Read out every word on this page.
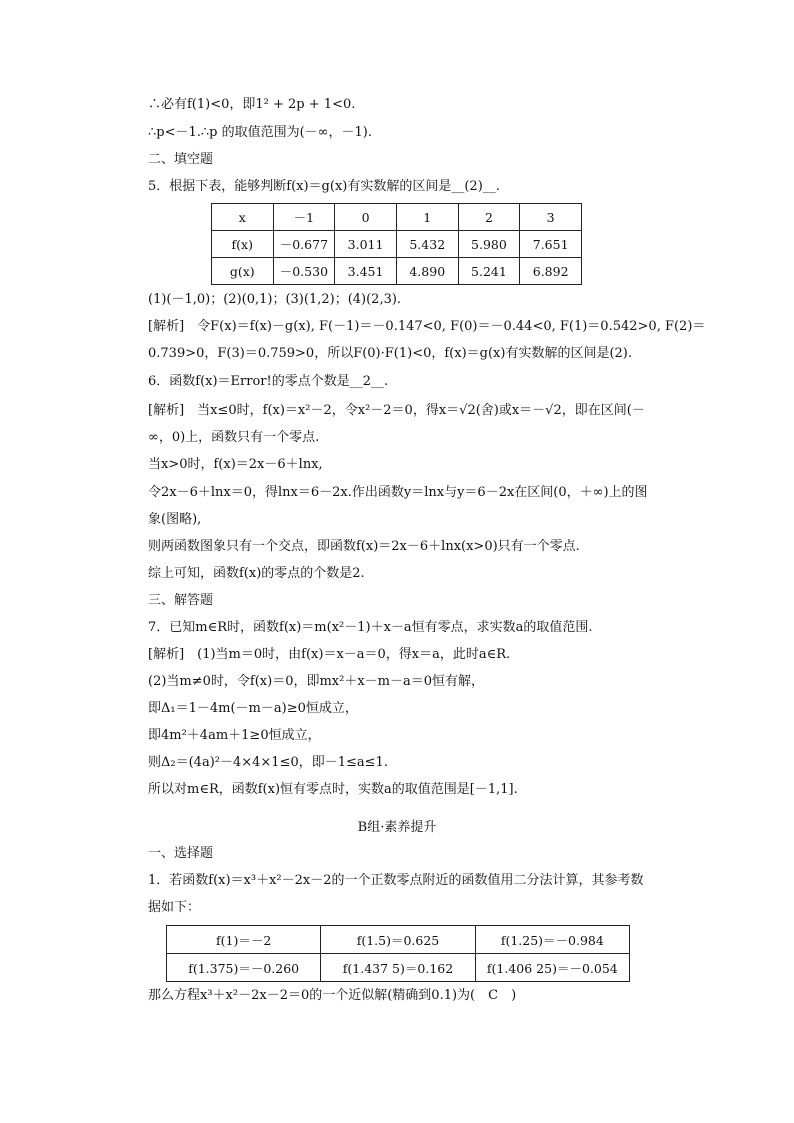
∴必有f(1)<0，即1² + 2p + 1<0.
∴p<－1.∴p 的取值范围为(－∞，－1).
二、填空题
5．根据下表，能够判断f(x)＝g(x)有实数解的区间是__(2)__.
x	－1	0	1	2	3
f(x)	－0.677	3.011	5.432	5.980	7.651
g(x)	－0.530	3.451	4.890	5.241	6.892
(1)(－1,0)；(2)(0,1)；(3)(1,2)；(4)(2,3).
[解析]　令F(x)＝f(x)－g(x), F(－1)＝－0.147<0, F(0)＝－0.44<0, F(1)＝0.542>0, F(2)＝
0.739>0，F(3)＝0.759>0，所以F(0)·F(1)<0，f(x)＝g(x)有实数解的区间是(2).
6．函数f(x)＝Error!的零点个数是__2__.
[解析]　当x≤0时，f(x)＝x²－2，令x²－2＝0，得x＝√2(舍)或x＝－√2，即在区间(－
∞，0)上，函数只有一个零点.
当x>0时，f(x)＝2x－6＋lnx,
令2x－6＋lnx＝0，得lnx＝6－2x.作出函数y＝lnx与y＝6－2x在区间(0，＋∞)上的图
象(图略),
则两函数图象只有一个交点，即函数f(x)＝2x－6＋lnx(x>0)只有一个零点.
综上可知，函数f(x)的零点的个数是2.
三、解答题
7．已知m∈R时，函数f(x)＝m(x²－1)＋x－a恒有零点，求实数a的取值范围.
[解析]　(1)当m＝0时，由f(x)＝x－a＝0，得x＝a，此时a∈R.
(2)当m≠0时，令f(x)＝0，即mx²＋x－m－a＝0恒有解，
即Δ₁＝1－4m(－m－a)≥0恒成立，
即4m²＋4am＋1≥0恒成立，
则Δ₂＝(4a)²－4×4×1≤0，即－1≤a≤1.
所以对m∈R，函数f(x)恒有零点时，实数a的取值范围是[－1,1].
B组·素养提升
一、选择题
1．若函数f(x)＝x³＋x²－2x－2的一个正数零点附近的函数值用二分法计算，其参考数
据如下：
f(1)＝－2	f(1.5)＝0.625	f(1.25)＝－0.984
f(1.375)＝－0.260	f(1.437 5)＝0.162	f(1.406 25)＝－0.054
那么方程x³＋x²－2x－2＝0的一个近似解(精确到0.1)为(　C　)
